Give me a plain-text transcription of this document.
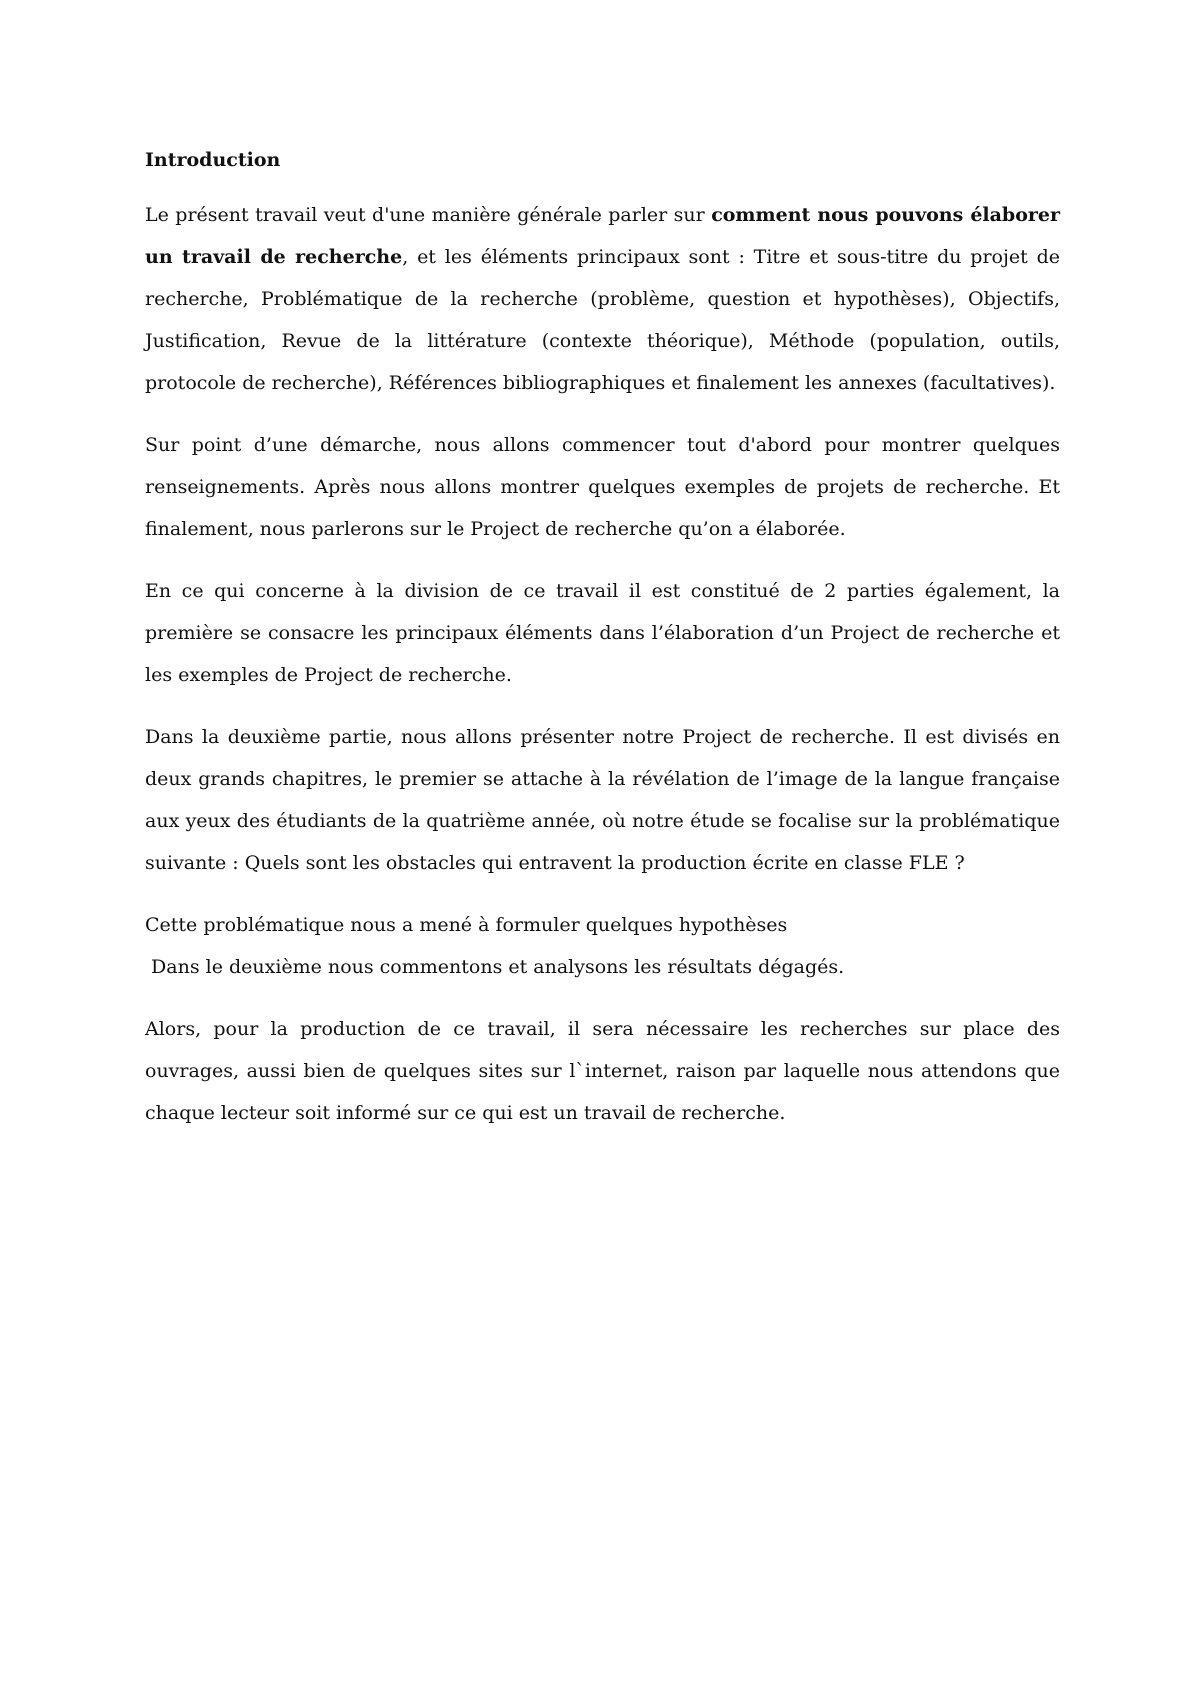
Introduction

Le présent travail veut d'une manière générale parler sur comment nous pouvons élaborer un travail de recherche, et les éléments principaux sont : Titre et sous-titre du projet de recherche, Problématique de la recherche (problème, question et hypothèses), Objectifs, Justification, Revue de la littérature (contexte théorique), Méthode (population, outils, protocole de recherche), Références bibliographiques et finalement les annexes (facultatives).

Sur point d’une démarche, nous allons commencer tout d'abord pour montrer quelques renseignements. Après nous allons montrer quelques exemples de projets de recherche. Et finalement, nous parlerons sur le Project de recherche qu’on a élaborée.

En ce qui concerne à la division de ce travail il est constitué de 2 parties également, la première se consacre les principaux éléments dans l’élaboration d’un Project de recherche et les exemples de Project de recherche.

Dans la deuxième partie, nous allons présenter notre Project de recherche. Il est divisés en deux grands chapitres, le premier se attache à la révélation de l’image de la langue française aux yeux des étudiants de la quatrième année, où notre étude se focalise sur la problématique suivante : Quels sont les obstacles qui entravent la production écrite en classe FLE ?

Cette problématique nous a mené à formuler quelques hypothèses

Dans le deuxième nous commentons et analysons les résultats dégagés.

Alors, pour la production de ce travail, il sera nécessaire les recherches sur place des ouvrages, aussi bien de quelques sites sur l`internet, raison par laquelle nous attendons que chaque lecteur soit informé sur ce qui est un travail de recherche.
